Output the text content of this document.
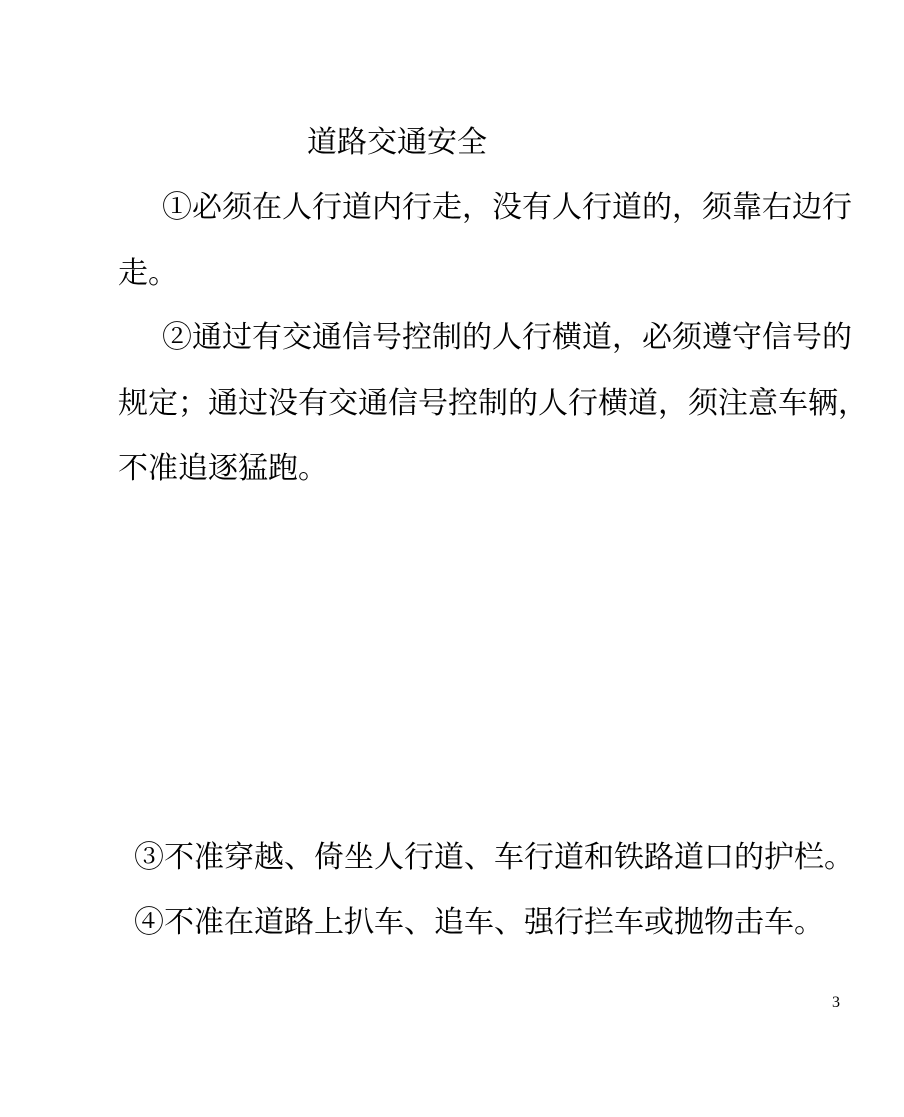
道路交通安全
①必须在人行道内行走，没有人行道的，须靠右边行
走。
②通过有交通信号控制的人行横道，必须遵守信号的
规定；通过没有交通信号控制的人行横道，须注意车辆，
不准追逐猛跑。
③不准穿越、倚坐人行道、车行道和铁路道口的护栏。
④不准在道路上扒车、追车、强行拦车或抛物击车。
3
